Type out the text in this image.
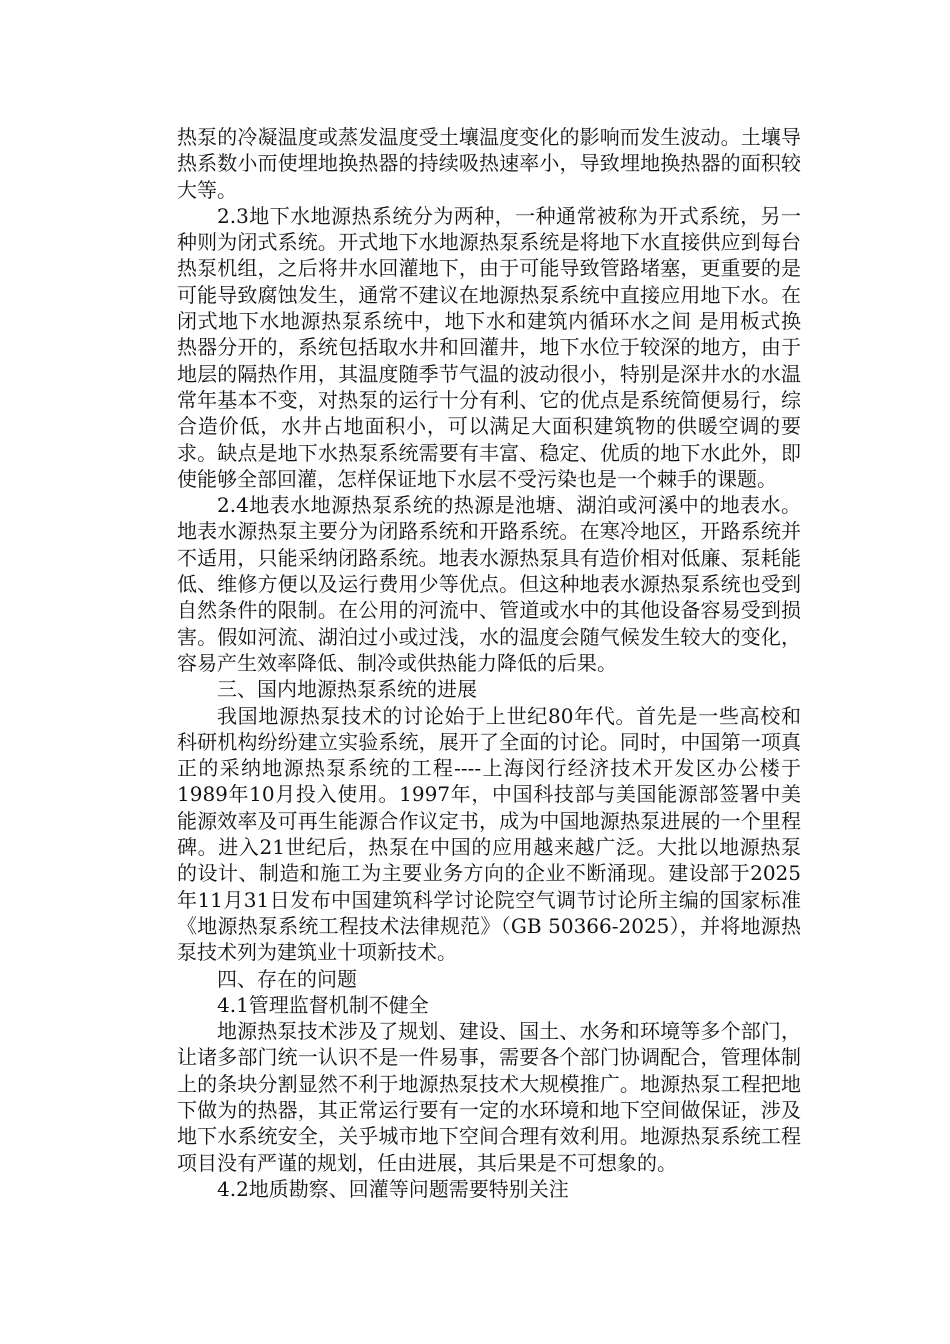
热泵的冷凝温度或蒸发温度受土壤温度变化的影响而发生波动。土壤导热系数小而使埋地换热器的持续吸热速率小，导致埋地换热器的面积较大等。

2.3地下水地源热系统分为两种，一种通常被称为开式系统，另一种则为闭式系统。开式地下水地源热泵系统是将地下水直接供应到每台热泵机组，之后将井水回灌地下，由于可能导致管路堵塞，更重要的是可能导致腐蚀发生，通常不建议在地源热泵系统中直接应用地下水。在闭式地下水地源热泵系统中，地下水和建筑内循环水之间 是用板式换热器分开的，系统包括取水井和回灌井，地下水位于较深的地方，由于地层的隔热作用，其温度随季节气温的波动很小，特别是深井水的水温常年基本不变，对热泵的运行十分有利、它的优点是系统简便易行，综合造价低，水井占地面积小，可以满足大面积建筑物的供暖空调的要求。缺点是地下水热泵系统需要有丰富、稳定、优质的地下水此外，即使能够全部回灌，怎样保证地下水层不受污染也是一个棘手的课题。

2.4地表水地源热泵系统的热源是池塘、湖泊或河溪中的地表水。地表水源热泵主要分为闭路系统和开路系统。在寒冷地区，开路系统并不适用，只能采纳闭路系统。地表水源热泵具有造价相对低廉、泵耗能低、维修方便以及运行费用少等优点。但这种地表水源热泵系统也受到自然条件的限制。在公用的河流中、管道或水中的其他设备容易受到损害。假如河流、湖泊过小或过浅，水的温度会随气候发生较大的变化，容易产生效率降低、制冷或供热能力降低的后果。

三、国内地源热泵系统的进展

我国地源热泵技术的讨论始于上世纪80年代。首先是一些高校和科研机构纷纷建立实验系统，展开了全面的讨论。同时，中国第一项真正的采纳地源热泵系统的工程----上海闵行经济技术开发区办公楼于1989年10月投入使用。1997年，中国科技部与美国能源部签署中美能源效率及可再生能源合作议定书，成为中国地源热泵进展的一个里程碑。进入21世纪后，热泵在中国的应用越来越广泛。大批以地源热泵的设计、制造和施工为主要业务方向的企业不断涌现。建设部于2025年11月31日发布中国建筑科学讨论院空气调节讨论所主编的国家标准《地源热泵系统工程技术法律规范》（GB 50366-2025），并将地源热泵技术列为建筑业十项新技术。

四、存在的问题

4.1管理监督机制不健全

地源热泵技术涉及了规划、建设、国土、水务和环境等多个部门，让诸多部门统一认识不是一件易事，需要各个部门协调配合，管理体制上的条块分割显然不利于地源热泵技术大规模推广。地源热泵工程把地下做为的热器，其正常运行要有一定的水环境和地下空间做保证，涉及地下水系统安全，关乎城市地下空间合理有效利用。地源热泵系统工程项目没有严谨的规划，任由进展，其后果是不可想象的。

4.2地质勘察、回灌等问题需要特别关注
